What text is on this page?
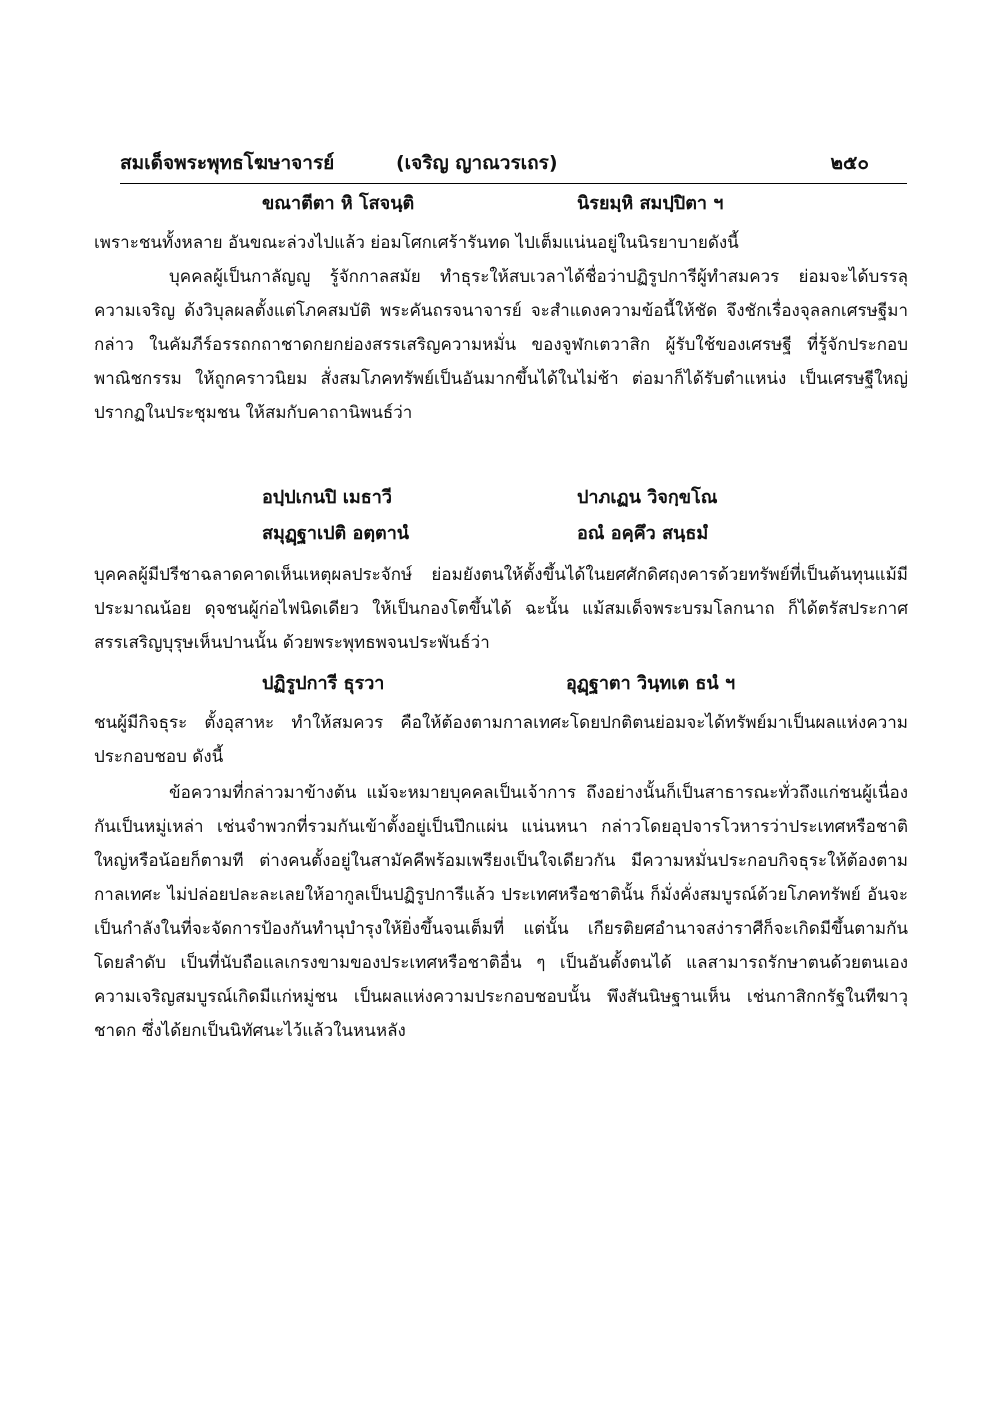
สมเด็จพระพุทธโฆษาจารย์	(เจริญ ญาณวรเถร)	๒๕๐
ขณาตีตา หิ โสจนฺติ	นิรยมฺหิ สมปฺปิตา ฯ

เพราะชนทั้งหลาย อันขณะล่วงไปแล้ว ย่อมโศกเศร้ารันทด ไปเต็มแน่นอยู่ในนิรยาบายดังนี้

บุคคลผู้เป็นกาลัญญู รู้จักกาลสมัย ทำธุระให้สบเวลาได้ชื่อว่าปฏิรูปการีผู้ทำสมควร ย่อมจะได้บรรลุความเจริญ ด้งวิบุลผลตั้งแต่โภคสมบัติ พระคันถรจนาจารย์ จะสำแดงความข้อนี้ให้ชัด จึงชักเรื่องจุลลกเศรษฐีมากล่าว ในคัมภีร์อรรถกถาชาดกยกย่องสรรเสริญความหมั่น ของจูฬกเตวาสิก ผู้รับใช้ของเศรษฐี ที่รู้จักประกอบพาณิชกรรม ให้ถูกคราวนิยม สั่งสมโภคทรัพย์เป็นอันมากขึ้นได้ในไม่ช้า ต่อมาก็ได้รับตำแหน่ง เป็นเศรษฐีใหญ่ ปรากฏในประชุมชน ให้สมกับคาถานิพนธ์ว่า

อปฺปเกนปิ เมธาวี	ปาภเฏน วิจกฺขโณ
สมุฏฺฐาเปติ อตฺตานํ	อณํ อคฺคึว สนฺธมํ

บุคคลผู้มีปรีชาฉลาดคาดเห็นเหตุผลประจักษ์ ย่อมยังตนให้ตั้งขึ้นได้ในยศศักดิศฤงคารด้วยทรัพย์ที่เป็นต้นทุนแม้มีประมาณน้อย ดุจชนผู้ก่อไฟนิดเดียว ให้เป็นกองโตขึ้นได้ ฉะนั้น แม้สมเด็จพระบรมโลกนาถ ก็ได้ตรัสประกาศสรรเสริญบุรุษเห็นปานนั้น ด้วยพระพุทธพจนประพันธ์ว่า

ปฏิรูปการี ธุรวา	อุฏฺฐาตา วินฺทเต ธนํ ฯ

ชนผู้มีกิจธุระ ตั้งอุสาหะ ทำให้สมควร คือให้ต้องตามกาลเทศะโดยปกติตนย่อมจะได้ทรัพย์มาเป็นผลแห่งความประกอบชอบ ดังนี้

ข้อความที่กล่าวมาข้างต้น แม้จะหมายบุคคลเป็นเจ้าการ ถึงอย่างนั้นก็เป็นสาธารณะทั่วถึงแก่ชนผู้เนื่องกันเป็นหมู่เหล่า เช่นจำพวกที่รวมกันเข้าตั้งอยู่เป็นปึกแผ่น แน่นหนา กล่าวโดยอุปจารโวหารว่าประเทศหรือชาติ ใหญ่หรือน้อยก็ตามที ต่างคนตั้งอยู่ในสามัคคีพร้อมเพรียงเป็นใจเดียวกัน มีความหมั่นประกอบกิจธุระให้ต้องตามกาลเทศะ ไม่ปล่อยปละละเลยให้อากูลเป็นปฏิรูปการีแล้ว ประเทศหรือชาตินั้น ก็มั่งคั่งสมบูรณ์ด้วยโภคทรัพย์ อันจะเป็นกำลังในที่จะจัดการป้องกันทำนุบำรุงให้ยิ่งขึ้นจนเต็มที่ แต่นั้น เกียรติยศอำนาจสง่าราศีก็จะเกิดมีขึ้นตามกันโดยลำดับ เป็นที่นับถือแลเกรงขามของประเทศหรือชาติอื่น ๆ เป็นอันตั้งตนได้ แลสามารถรักษาตนด้วยตนเอง ความเจริญสมบูรณ์เกิดมีแก่หมู่ชน เป็นผลแห่งความประกอบชอบนั้น พึงสันนิษฐานเห็น เช่นกาสิกกรัฐในทีฆาวุชาดก ซึ่งได้ยกเป็นนิทัศนะไว้แล้วในหนหลัง
